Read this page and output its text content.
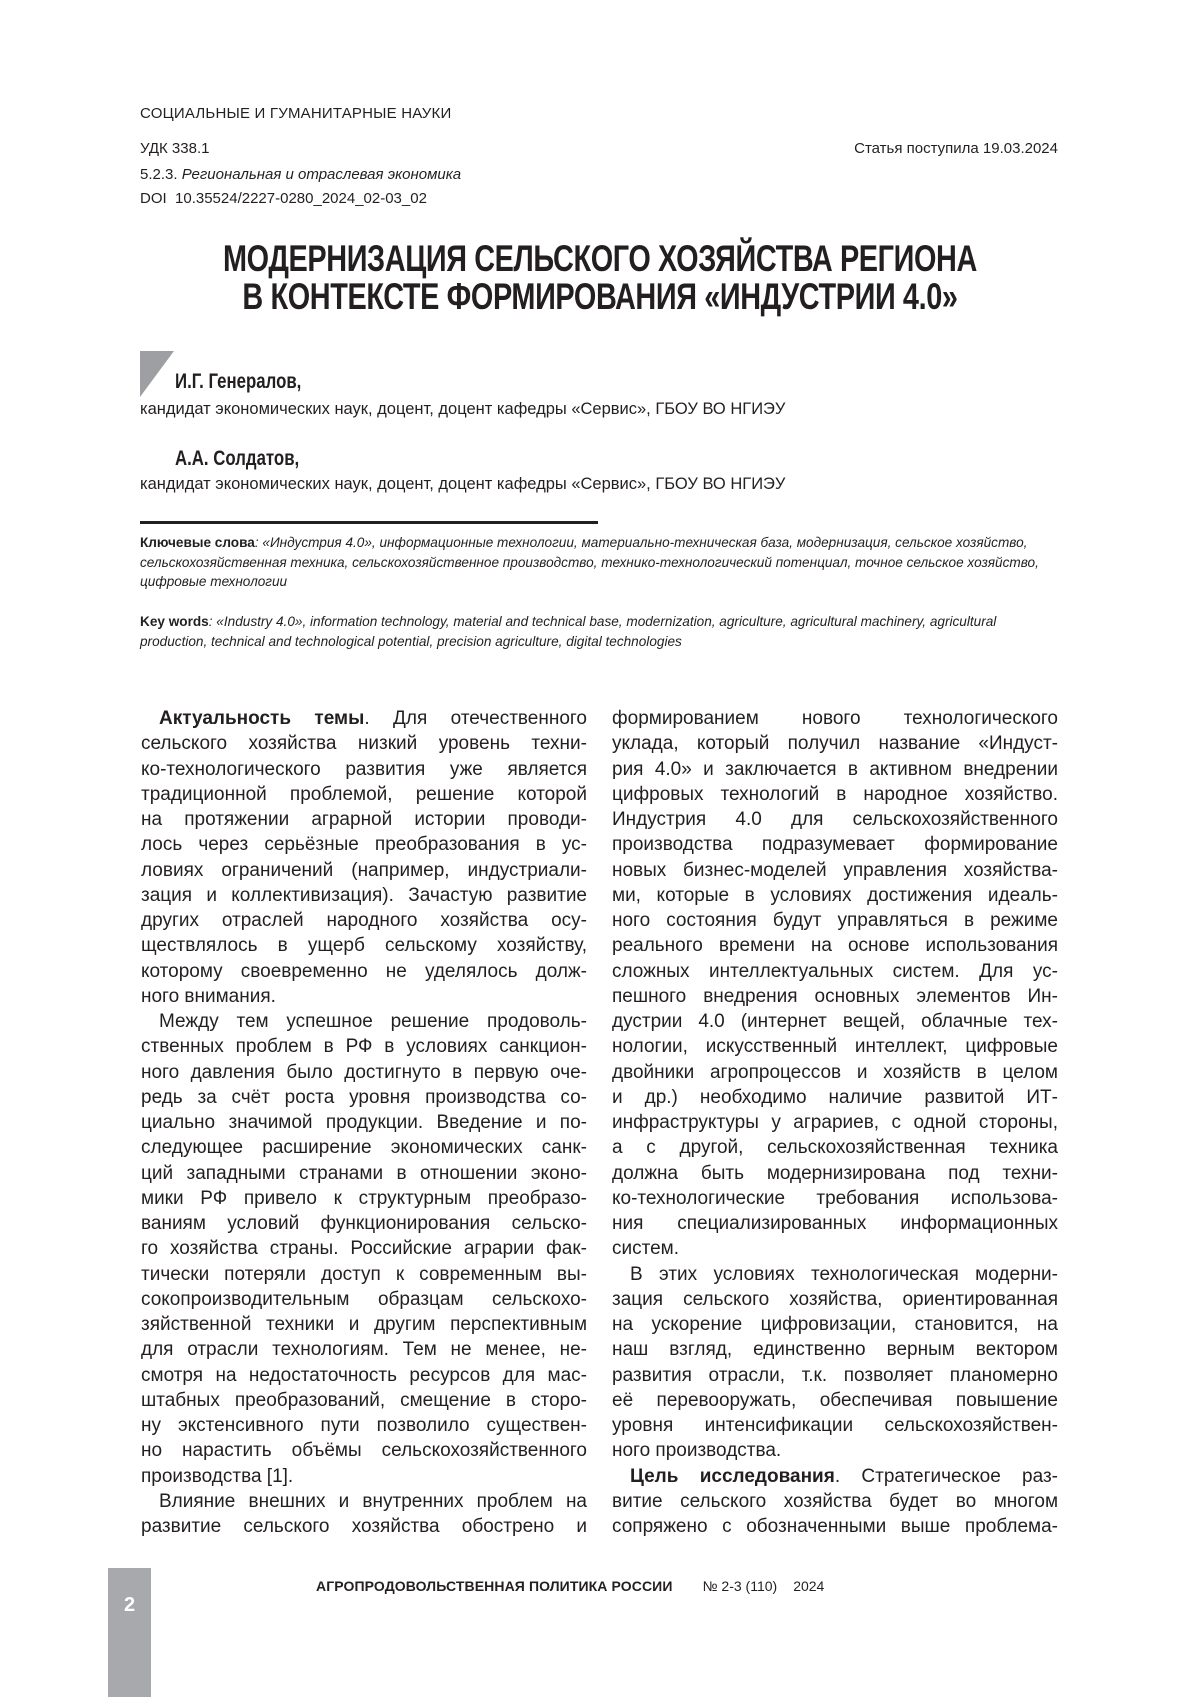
СОЦИАЛЬНЫЕ И ГУМАНИТАРНЫЕ НАУКИ
УДК 338.1
5.2.3. Региональная и отраслевая экономика
DOI 10.35524/2227-0280_2024_02-03_02
Статья поступила 19.03.2024
МОДЕРНИЗАЦИЯ СЕЛЬСКОГО ХОЗЯЙСТВА РЕГИОНА
В КОНТЕКСТЕ ФОРМИРОВАНИЯ «ИНДУСТРИИ 4.0»
И.Г. Генералов,
кандидат экономических наук, доцент, доцент кафедры «Сервис», ГБОУ ВО НГИЭУ
А.А. Солдатов,
кандидат экономических наук, доцент, доцент кафедры «Сервис», ГБОУ ВО НГИЭУ
Ключевые слова: «Индустрия 4.0», информационные технологии, материально-техническая база, модернизация, сельское хозяйство, сельскохозяйственная техника, сельскохозяйственное производство, технико-технологический потенциал, точное сельское хозяйство, цифровые технологии
Key words: «Industry 4.0», information technology, material and technical base, modernization, agriculture, agricultural machinery, agricultural production, technical and technological potential, precision agriculture, digital technologies
Актуальность темы. Для отечественного
сельского хозяйства низкий уровень техни-
ко-технологического развития уже является
традиционной проблемой, решение которой
на протяжении аграрной истории проводи-
лось через серьёзные преобразования в ус-
ловиях ограничений (например, индустриали-
зация и коллективизация). Зачастую развитие
других отраслей народного хозяйства осу-
ществлялось в ущерб сельскому хозяйству,
которому своевременно не уделялось долж-
ного внимания.
Между тем успешное решение продоволь-
ственных проблем в РФ в условиях санкцион-
ного давления было достигнуто в первую оче-
редь за счёт роста уровня производства со-
циально значимой продукции. Введение и по-
следующее расширение экономических санк-
ций западными странами в отношении эконо-
мики РФ привело к структурным преобразо-
ваниям условий функционирования сельско-
го хозяйства страны. Российские аграрии фак-
тически потеряли доступ к современным вы-
сокопроизводительным образцам сельскохо-
зяйственной техники и другим перспективным
для отрасли технологиям. Тем не менее, не-
смотря на недостаточность ресурсов для мас-
штабных преобразований, смещение в сторо-
ну экстенсивного пути позволило существен-
но нарастить объёмы сельскохозяйственного
производства [1].
Влияние внешних и внутренних проблем на
развитие сельского хозяйства обострено и
формированием нового технологического
уклада, который получил название «Индуст-
рия 4.0» и заключается в активном внедрении
цифровых технологий в народное хозяйство.
Индустрия 4.0 для сельскохозяйственного
производства подразумевает формирование
новых бизнес-моделей управления хозяйства-
ми, которые в условиях достижения идеаль-
ного состояния будут управляться в режиме
реального времени на основе использования
сложных интеллектуальных систем. Для ус-
пешного внедрения основных элементов Ин-
дустрии 4.0 (интернет вещей, облачные тех-
нологии, искусственный интеллект, цифровые
двойники агропроцессов и хозяйств в целом
и др.) необходимо наличие развитой ИТ-
инфраструктуры у аграриев, с одной стороны,
а с другой, сельскохозяйственная техника
должна быть модернизирована под техни-
ко-технологические требования использова-
ния специализированных информационных
систем.
В этих условиях технологическая модерни-
зация сельского хозяйства, ориентированная
на ускорение цифровизации, становится, на
наш взгляд, единственно верным вектором
развития отрасли, т.к. позволяет планомерно
её перевооружать, обеспечивая повышение
уровня интенсификации сельскохозяйствен-
ного производства.
Цель исследования. Стратегическое раз-
витие сельского хозяйства будет во многом
сопряжено с обозначенными выше проблема-
2
АГРОПРОДОВОЛЬСТВЕННАЯ ПОЛИТИКА РОССИИ № 2-3 (110) 2024
